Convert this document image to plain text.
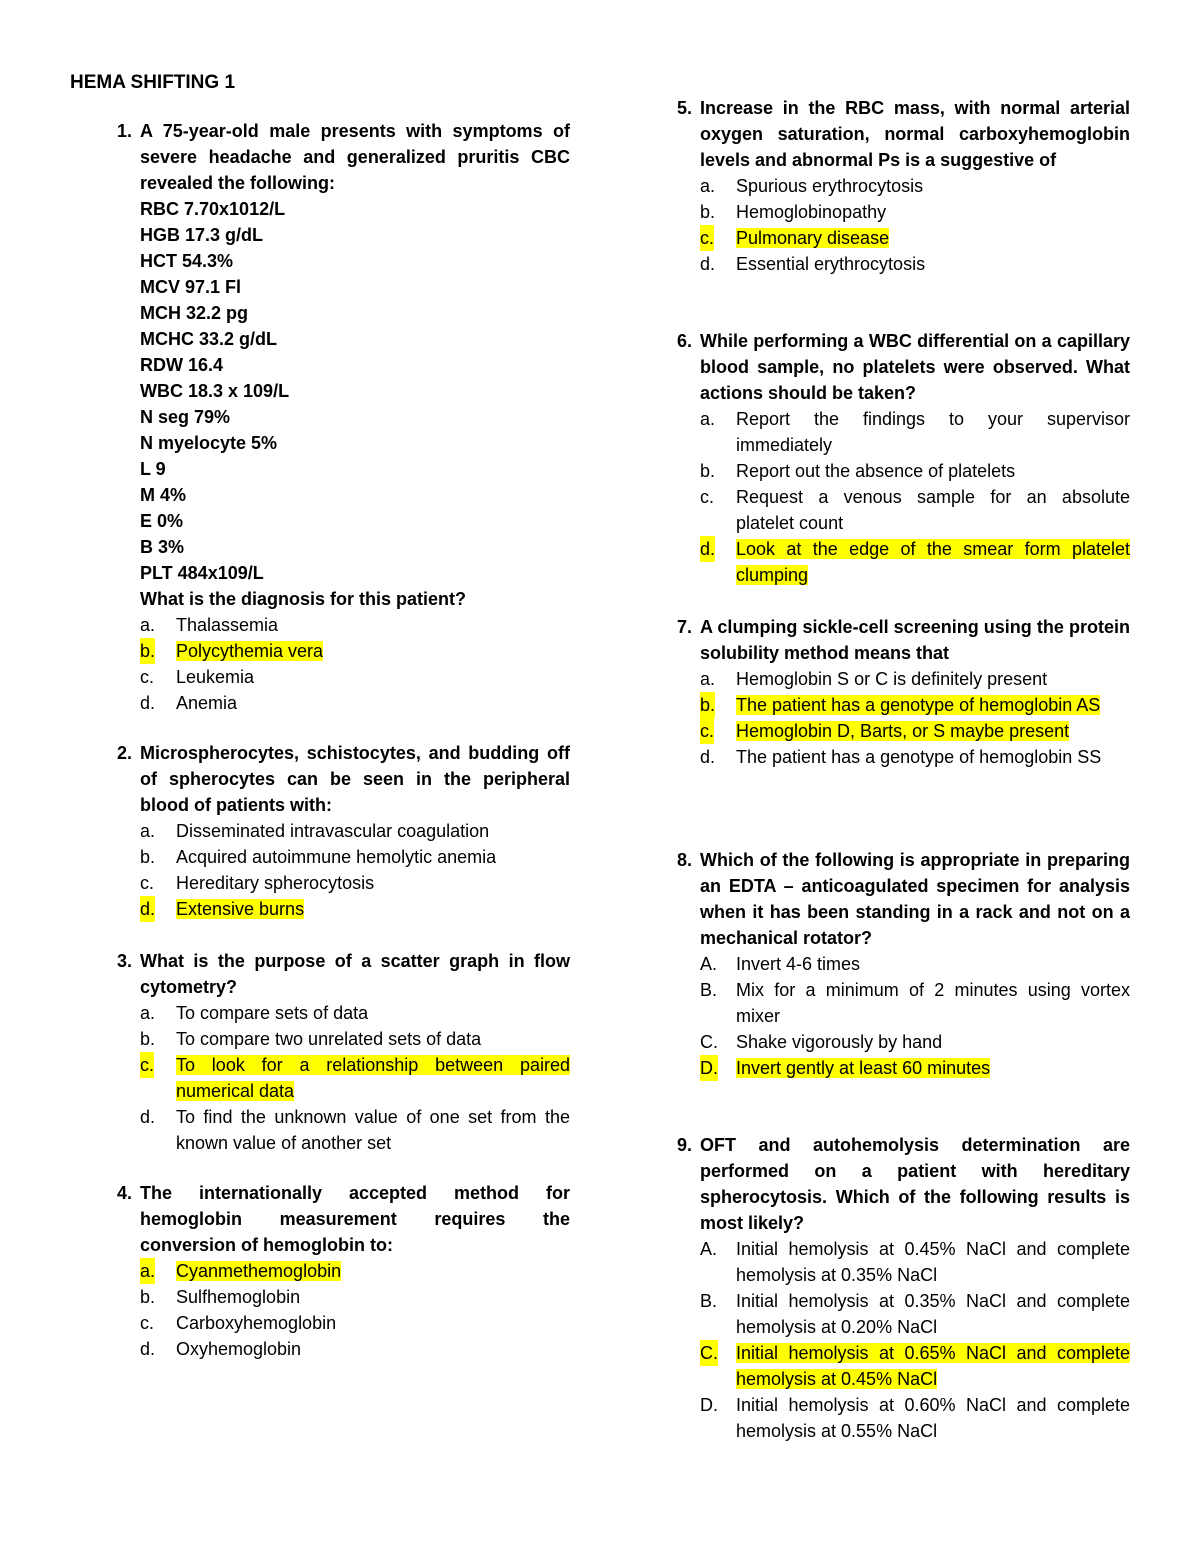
HEMA SHIFTING 1
1. A 75-year-old male presents with symptoms of severe headache and generalized pruritis CBC revealed the following:
RBC 7.70x1012/L
HGB 17.3 g/dL
HCT 54.3%
MCV 97.1 Fl
MCH 32.2 pg
MCHC 33.2 g/dL
RDW 16.4
WBC 18.3 x 109/L
N seg 79%
N myelocyte 5%
L 9
M 4%
E 0%
B 3%
PLT 484x109/L
What is the diagnosis for this patient?
a. Thalassemia
b. Polycythemia vera
c. Leukemia
d. Anemia
2. Microspherocytes, schistocytes, and budding off of spherocytes can be seen in the peripheral blood of patients with:
a. Disseminated intravascular coagulation
b. Acquired autoimmune hemolytic anemia
c. Hereditary spherocytosis
d. Extensive burns
3. What is the purpose of a scatter graph in flow cytometry?
a. To compare sets of data
b. To compare two unrelated sets of data
c. To look for a relationship between paired numerical data
d. To find the unknown value of one set from the known value of another set
4. The internationally accepted method for hemoglobin measurement requires the conversion of hemoglobin to:
a. Cyanmethemoglobin
b. Sulfhemoglobin
c. Carboxyhemoglobin
d. Oxyhemoglobin
5. Increase in the RBC mass, with normal arterial oxygen saturation, normal carboxyhemoglobin levels and abnormal Ps is a suggestive of
a. Spurious erythrocytosis
b. Hemoglobinopathy
c. Pulmonary disease
d. Essential erythrocytosis
6. While performing a WBC differential on a capillary blood sample, no platelets were observed. What actions should be taken?
a. Report the findings to your supervisor immediately
b. Report out the absence of platelets
c. Request a venous sample for an absolute platelet count
d. Look at the edge of the smear form platelet clumping
7. A clumping sickle-cell screening using the protein solubility method means that
a. Hemoglobin S or C is definitely present
b. The patient has a genotype of hemoglobin AS
c. Hemoglobin D, Barts, or S maybe present
d. The patient has a genotype of hemoglobin SS
8. Which of the following is appropriate in preparing an EDTA – anticoagulated specimen for analysis when it has been standing in a rack and not on a mechanical rotator?
A. Invert 4-6 times
B. Mix for a minimum of 2 minutes using vortex mixer
C. Shake vigorously by hand
D. Invert gently at least 60 minutes
9. OFT and autohemolysis determination are performed on a patient with hereditary spherocytosis. Which of the following results is most likely?
A. Initial hemolysis at 0.45% NaCl and complete hemolysis at 0.35% NaCl
B. Initial hemolysis at 0.35% NaCl and complete hemolysis at 0.20% NaCl
C. Initial hemolysis at 0.65% NaCl and complete hemolysis at 0.45% NaCl
D. Initial hemolysis at 0.60% NaCl and complete hemolysis at 0.55% NaCl
